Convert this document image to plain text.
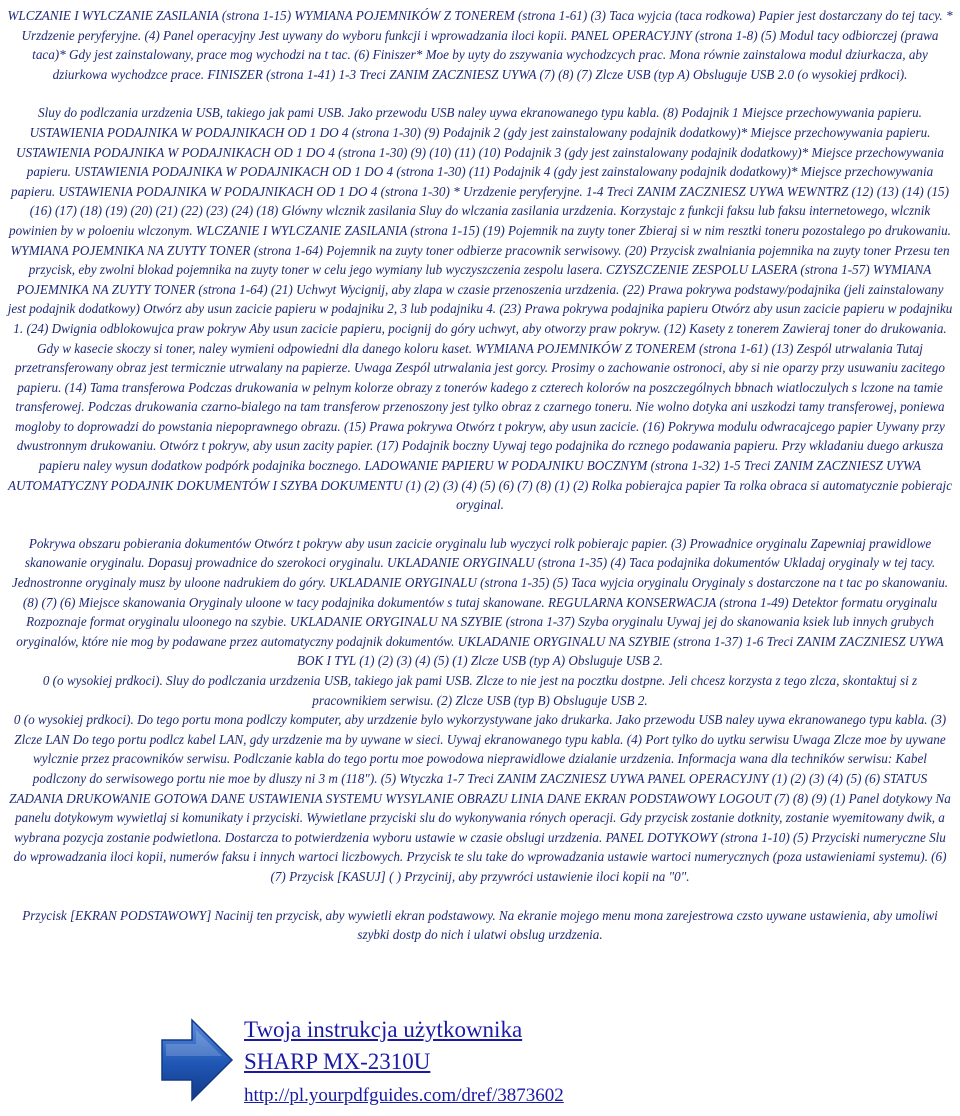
WLCZANIE I WYLCZANIE ZASILANIA (strona 1-15) WYMIANA POJEMNIKÓW Z TONEREM (strona 1-61) (3) Taca wyjcia (taca rodkowa) Papier jest dostarczany do tej tacy. * Urzdzenie peryferyjne. (4) Panel operacyjny Jest uywany do wyboru funkcji i wprowadzania iloci kopii. PANEL OPERACYJNY (strona 1-8) (5) Modul tacy odbiorczej (prawa taca)* Gdy jest zainstalowany, prace mog wychodzi na t tac. (6) Finiszer* Moe by uyty do zszywania wychodzcych prac. Mona równie zainstalowa modul dziurkacza, aby dziurkowa wychodzce prace. FINISZER (strona 1-41) 1-3 Treci ZANIM ZACZNIESZ UYWA (7) (8) (7) Zlcze USB (typ A) Obsluguje USB 2.0 (o wysokiej prdkoci).

Sluy do podlczania urzdzenia USB, takiego jak pami USB. Jako przewodu USB naley uywa ekranowanego typu kabla. (8) Podajnik 1 Miejsce przechowywania papieru. USTAWIENIA PODAJNIKA W PODAJNIKACH OD 1 DO 4 (strona 1-30) (9) Podajnik 2 (gdy jest zainstalowany podajnik dodatkowy)* Miejsce przechowywania papieru. USTAWIENIA PODAJNIKA W PODAJNIKACH OD 1 DO 4 (strona 1-30) (9) (10) (11) (10) Podajnik 3 (gdy jest zainstalowany podajnik dodatkowy)* Miejsce przechowywania papieru. USTAWIENIA PODAJNIKA W PODAJNIKACH OD 1 DO 4 (strona 1-30) (11) Podajnik 4 (gdy jest zainstalowany podajnik dodatkowy)* Miejsce przechowywania papieru. USTAWIENIA PODAJNIKA W PODAJNIKACH OD 1 DO 4 (strona 1-30) * Urzdzenie peryferyjne. 1-4 Treci ZANIM ZACZNIESZ UYWA WEWNTRZ (12) (13) (14) (15) (16) (17) (18) (19) (20) (21) (22) (23) (24) (18) Glówny wlcznik zasilania Sluy do wlczania zasilania urzdzenia. Korzystajc z funkcji faksu lub faksu internetowego, wlcznik powinien by w poloeniu wlczonym. WLCZANIE I WYLCZANIE ZASILANIA (strona 1-15) (19) Pojemnik na zuyty toner Zbieraj si w nim resztki toneru pozostalego po drukowaniu. WYMIANA POJEMNIKA NA ZUYTY TONER (strona 1-64) Pojemnik na zuyty toner odbierze pracownik serwisowy. (20) Przycisk zwalniania pojemnika na zuyty toner Przesu ten przycisk, eby zwolni blokad pojemnika na zuyty toner w celu jego wymiany lub wyczyszczenia zespolu lasera. CZYSZCZENIE ZESPOLU LASERA (strona 1-57) WYMIANA POJEMNIKA NA ZUYTY TONER (strona 1-64) (21) Uchwyt Wycignij, aby zlapa w czasie przenoszenia urzdzenia. (22) Prawa pokrywa podstawy/podajnika (jeli zainstalowany jest podajnik dodatkowy) Otwórz aby usun zacicie papieru w podajniku 2, 3 lub podajniku 4. (23) Prawa pokrywa podajnika papieru Otwórz aby usun zacicie papieru w podajniku 1. (24) Dwignia odblokowujca praw pokryw Aby usun zacicie papieru, pocignij do góry uchwyt, aby otworzy praw pokryw. (12) Kasety z tonerem Zawieraj toner do drukowania. Gdy w kasecie skoczy si toner, naley wymieni odpowiedni dla danego koloru kaset. WYMIANA POJEMNIKÓW Z TONEREM (strona 1-61) (13) Zespól utrwalania Tutaj przetransferowany obraz jest termicznie utrwalany na papierze. Uwaga Zespól utrwalania jest gorcy. Prosimy o zachowanie ostronoci, aby si nie oparzy przy usuwaniu zacitego papieru. (14) Tama transferowa Podczas drukowania w pelnym kolorze obrazy z tonerów kadego z czterech kolorów na poszczególnych bbnach wiatloczulych s lczone na tamie transferowej. Podczas drukowania czarno-bialego na tam transferow przenoszony jest tylko obraz z czarnego toneru. Nie wolno dotyka ani uszkodzi tamy transferowej, poniewa mogloby to doprowadzi do powstania niepoprawnego obrazu. (15) Prawa pokrywa Otwórz t pokryw, aby usun zacicie. (16) Pokrywa modulu odwracajcego papier Uywany przy dwustronnym drukowaniu. Otwórz t pokryw, aby usun zacity papier. (17) Podajnik boczny Uywaj tego podajnika do rcznego podawania papieru. Przy wkladaniu duego arkusza papieru naley wysun dodatkow podpórk podajnika bocznego. LADOWANIE PAPIERU W PODAJNIKU BOCZNYM (strona 1-32) 1-5 Treci ZANIM ZACZNIESZ UYWA AUTOMATYCZNY PODAJNIK DOKUMENTÓW I SZYBA DOKUMENTU (1) (2) (3) (4) (5) (6) (7) (8) (1) (2) Rolka pobierajca papier Ta rolka obraca si automatycznie pobierajc oryginal.

Pokrywa obszaru pobierania dokumentów Otwórz t pokryw aby usun zacicie oryginalu lub wyczyci rolk pobierajc papier. (3) Prowadnice oryginalu Zapewniaj prawidlowe skanowanie oryginalu. Dopasuj prowadnice do szerokoci oryginalu. UKLADANIE ORYGINALU (strona 1-35) (4) Taca podajnika dokumentów Ukladaj oryginaly w tej tacy. Jednostronne oryginaly musz by uloone nadrukiem do góry. UKLADANIE ORYGINALU (strona 1-35) (5) Taca wyjcia oryginalu Oryginaly s dostarczone na t tac po skanowaniu. (8) (7) (6) Miejsce skanowania Oryginaly uloone w tacy podajnika dokumentów s tutaj skanowane. REGULARNA KONSERWACJA (strona 1-49) Detektor formatu oryginalu Rozpoznaje format oryginalu uloonego na szybie. UKLADANIE ORYGINALU NA SZYBIE (strona 1-37) Szyba oryginalu Uywaj jej do skanowania ksiek lub innych grubych oryginalów, które nie mog by podawane przez automatyczny podajnik dokumentów. UKLADANIE ORYGINALU NA SZYBIE (strona 1-37) 1-6 Treci ZANIM ZACZNIESZ UYWA BOK I TYL (1) (2) (3) (4) (5) (1) Zlcze USB (typ A) Obsluguje USB 2.

0 (o wysokiej prdkoci). Sluy do podlczania urzdzenia USB, takiego jak pami USB. Zlcze to nie jest na pocztku dostpne. Jeli chcesz korzysta z tego zlcza, skontaktuj si z pracownikiem serwisu. (2) Zlcze USB (typ B) Obsluguje USB 2.

0 (o wysokiej prdkoci). Do tego portu mona podlczy komputer, aby urzdzenie bylo wykorzystywane jako drukarka. Jako przewodu USB naley uywa ekranowanego typu kabla. (3) Zlcze LAN Do tego portu podlcz kabel LAN, gdy urzdzenie ma by uywane w sieci. Uywaj ekranowanego typu kabla. (4) Port tylko do uytku serwisu Uwaga Zlcze moe by uywane wylcznie przez pracowników serwisu. Podlczanie kabla do tego portu moe powodowa nieprawidlowe dzialanie urzdzenia. Informacja wana dla techników serwisu: Kabel podlczony do serwisowego portu nie moe by dluszy ni 3 m (118"). (5) Wtyczka 1-7 Treci ZANIM ZACZNIESZ UYWA PANEL OPERACYJNY (1) (2) (3) (4) (5) (6) STATUS ZADANIA DRUKOWANIE GOTOWA DANE USTAWIENIA SYSTEMU WYSYLANIE OBRAZU LINIA DANE EKRAN PODSTAWOWY LOGOUT (7) (8) (9) (1) Panel dotykowy Na panelu dotykowym wywietlaj si komunikaty i przyciski. Wywietlane przyciski slu do wykonywania rónych operacji. Gdy przycisk zostanie dotknity, zostanie wyemitowany dwik, a wybrana pozycja zostanie podwietlona. Dostarcza to potwierdzenia wyboru ustawie w czasie obslugi urzdzenia. PANEL DOTYKOWY (strona 1-10) (5) Przyciski numeryczne Slu do wprowadzania iloci kopii, numerów faksu i innych wartoci liczbowych. Przycisk te slu take do wprowadzania ustawie wartoci numerycznych (poza ustawieniami systemu). (6) (7) Przycisk [KASUJ] ( ) Przycinij, aby przywróci ustawienie iloci kopii na "0".

Przycisk [EKRAN PODSTAWOWY] Nacinij ten przycisk, aby wywietli ekran podstawowy. Na ekranie mojego menu mona zarejestrowa czsto uywane ustawienia, aby umoliwi szybki dostp do nich i ulatwi obslug urzdzenia.

Twoja instrukcja użytkownika
SHARP MX-2310U
http://pl.yourpdfguides.com/dref/3873602
